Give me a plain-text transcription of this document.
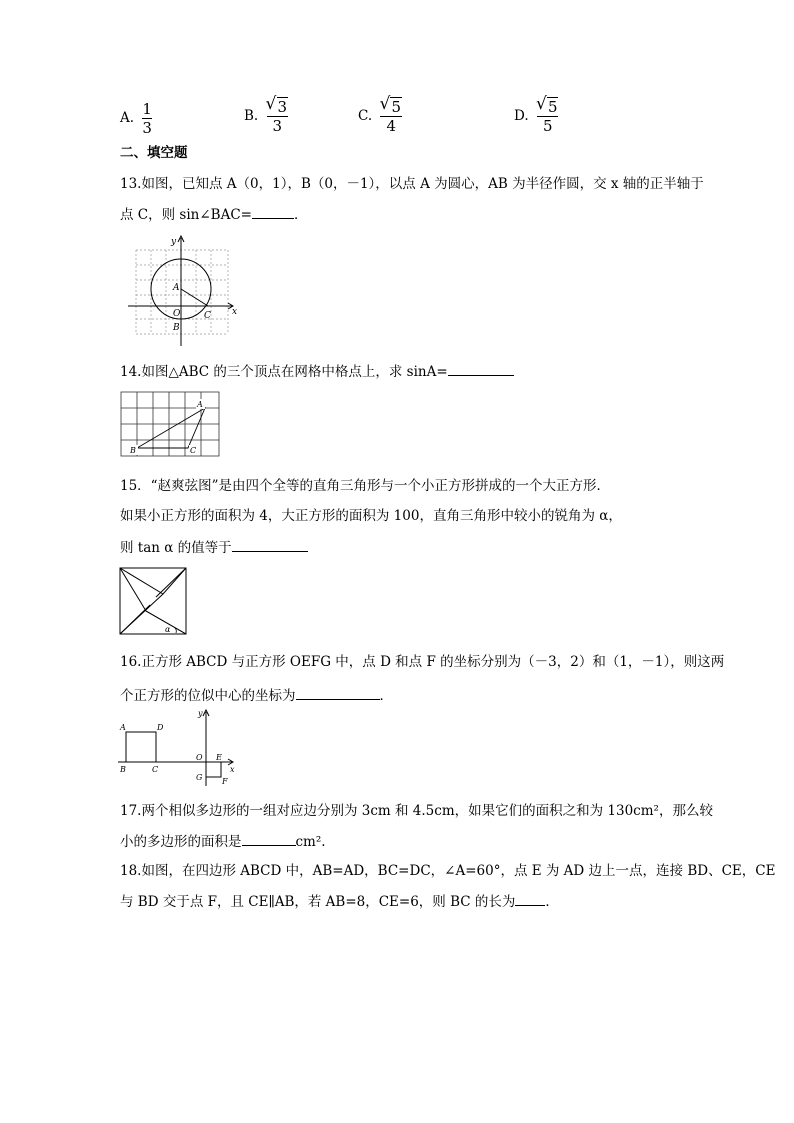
A. $\frac{1}{3}$	B. $\frac{√ 3}{3}$	C. $\frac{√ 5}{4}$	D. $\frac{√ 5}{5}$
二、填空题
13.如图，已知点 A（0，1），B（0，－1），以点 A 为圆心，AB 为半径作圆，交 x 轴的正半轴于
点 C，则 sin∠BAC=	．
y
x
A
O	C
B
14.如图△ABC 的三个顶点在网格中格点上，求 sinA=
A
B	C
15．“赵爽弦图”是由四个全等的直角三角形与一个小正方形拼成的一个大正方形．
如果小正方形的面积为 4，大正方形的面积为 100，直角三角形中较小的锐角为 α，
则 tan α 的值等于
α
16.正方形 ABCD 与正方形 OEFG 中，点 D 和点 F 的坐标分别为（－3，2）和（1，－1），则这两
个正方形的位似中心的坐标为	．
A	D
B	C
y
O E
x
G F
17.两个相似多边形的一组对应边分别为 3cm 和 4.5cm，如果它们的面积之和为 130cm²，那么较
小的多边形的面积是	cm².
18.如图，在四边形 ABCD 中，AB=AD，BC=DC，∠A=60°，点 E 为 AD 边上一点，连接 BD、CE，CE
与 BD 交于点 F，且 CE∥AB，若 AB=8，CE=6，则 BC 的长为 ．
